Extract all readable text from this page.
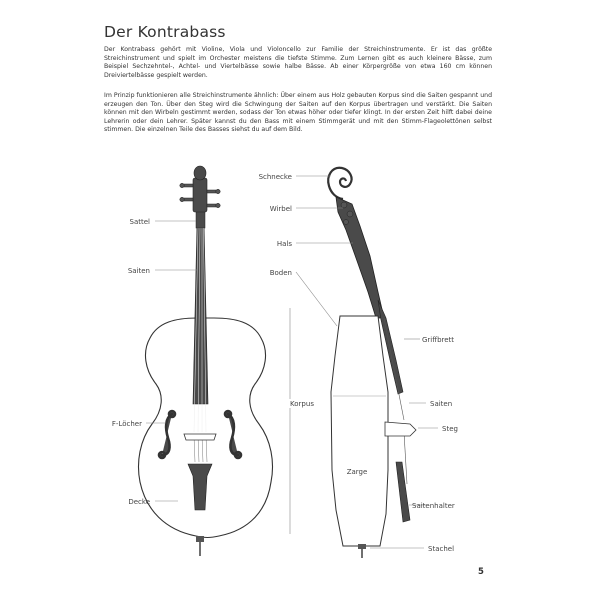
Der Kontrabass

Der Kontrabass gehört mit Violine, Viola und Violoncello zur Familie der Streichinstrumente. Er ist das größte Streichinstrument und spielt im Orchester meistens die tiefste Stimme. Zum Lernen gibt es auch kleinere Bässe, zum Beispiel Sechzehntel-, Achtel- und Viertelbässe sowie halbe Bässe. Ab einer Körpergröße von etwa 160 cm können Dreiviertelbässe gespielt werden.

Im Prinzip funktionieren alle Streichinstrumente ähnlich: Über einem aus Holz gebauten Korpus sind die Saiten gespannt und erzeugen den Ton. Über den Steg wird die Schwingung der Saiten auf den Korpus übertragen und verstärkt. Die Saiten können mit den Wirbeln gestimmt werden, sodass der Ton etwas höher oder tiefer klingt. In der ersten Zeit hilft dabei deine Lehrerin oder dein Lehrer. Später kannst du den Bass mit einem Stimmgerät und mit den Stimm-Flageolettönen selbst stimmen. Die einzelnen Teile des Basses siehst du auf dem Bild.

Sattel
Saiten
F-Löcher
Decke
Schnecke
Wirbel
Hals
Boden
Korpus
Zarge
Griffbrett
Saiten
Steg
Saitenhalter
Stachel
5
